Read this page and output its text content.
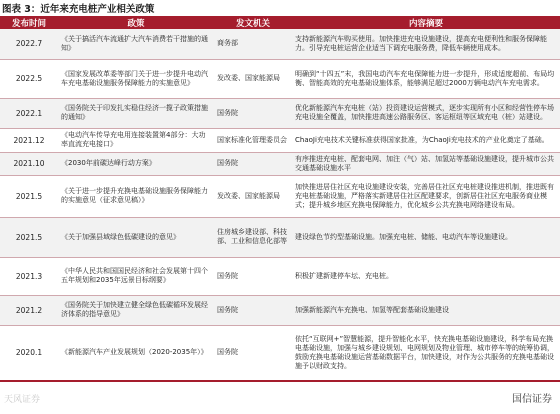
图表 3：近年来充电桩产业相关政策
发布时间	政策	发文机关	内容摘要
2022.7	《关于搞活汽车流通扩大汽车消费若干措施的通知》	商务部	支持新能源汽车购买使用。加快推进充电设施建设，提高充电便利性和服务保障能力。引导充电桩运营企业适当下调充电服务费，降低车辆使用成本。
2022.5	《国家发展改革委等部门关于进一步提升电动汽车充电基础设施服务保障能力的实施意见》	发改委、国家能源局	明确到“十四五”末，我国电动汽车充电保障能力进一步提升，形成适度超前、布局均衡、智能高效的充电基础设施体系，能够满足超过2000万辆电动汽车充电需求。
2022.1	《国务院关于印发扎实稳住经济一揽子政策措施的通知》	国务院	优化新能源汽车充电桩（站）投资建设运营模式，逐步实现所有小区和经营性停车场充电设施全覆盖，加快推进高速公路服务区、客运枢纽等区域充电（桩）站建设。
2021.12	《电动汽车传导充电用连接装置第4部分：大功率直流充电接口》	国家标准化管理委员会	ChaoJi充电技术关键标准获得国家批准，为ChaoJi充电技术的产业化奠定了基础。
2021.10	《2030年前碳达峰行动方案》	国务院	有序推进充电桩、配套电网、加注（气）站、加氢站等基础设施建设，提升城市公共交通基础设施水平
2021.5	《关于进一步提升充换电基础设施服务保障能力的实施意见（征求意见稿）》	发改委、国家能源局	加快推进居住社区充电设施建设安装，完善居住社区充电桩建设推进机制，推进既有充电桩基础设施，严格落实新建居住社区配建要求，创新居住社区充电服务商业模式；提升城乡地区充换电保障能力，优化城乡公共充换电网络建设布局。
2021.5	《关于加强县域绿色低碳建设的意见》	住房城乡建设部、科技部、工业和信息化部等	建设绿色节约型基础设施。加强充电桩、储能、电动汽车等设施建设。
2021.3	《中华人民共和国国民经济和社会发展第十四个五年规划和2035年远景目标纲要》	国务院	积极扩建新建停车坛、充电桩。
2021.2	《国务院关于加快建立健全绿色低碳循环发展经济体系的指导意见》	国务院	加强新能源汽车充换电、加氢等配套基础设施建设
2020.1	《新能源汽车产业发展规划（2020-2035年）》	国务院	依托“互联网+”智慧能源，提升智能化水平，快充换电基础设施建设，科学布局充换电基础设施，加强与城乡建设规划、电网规划及物业管理、城市停车等的统筹协调，鼓励充换电基础设施运营基础数据平台，加快建设，对作为公共服务的充换电基础设施予以财政支持。
天风证券	国信证券
